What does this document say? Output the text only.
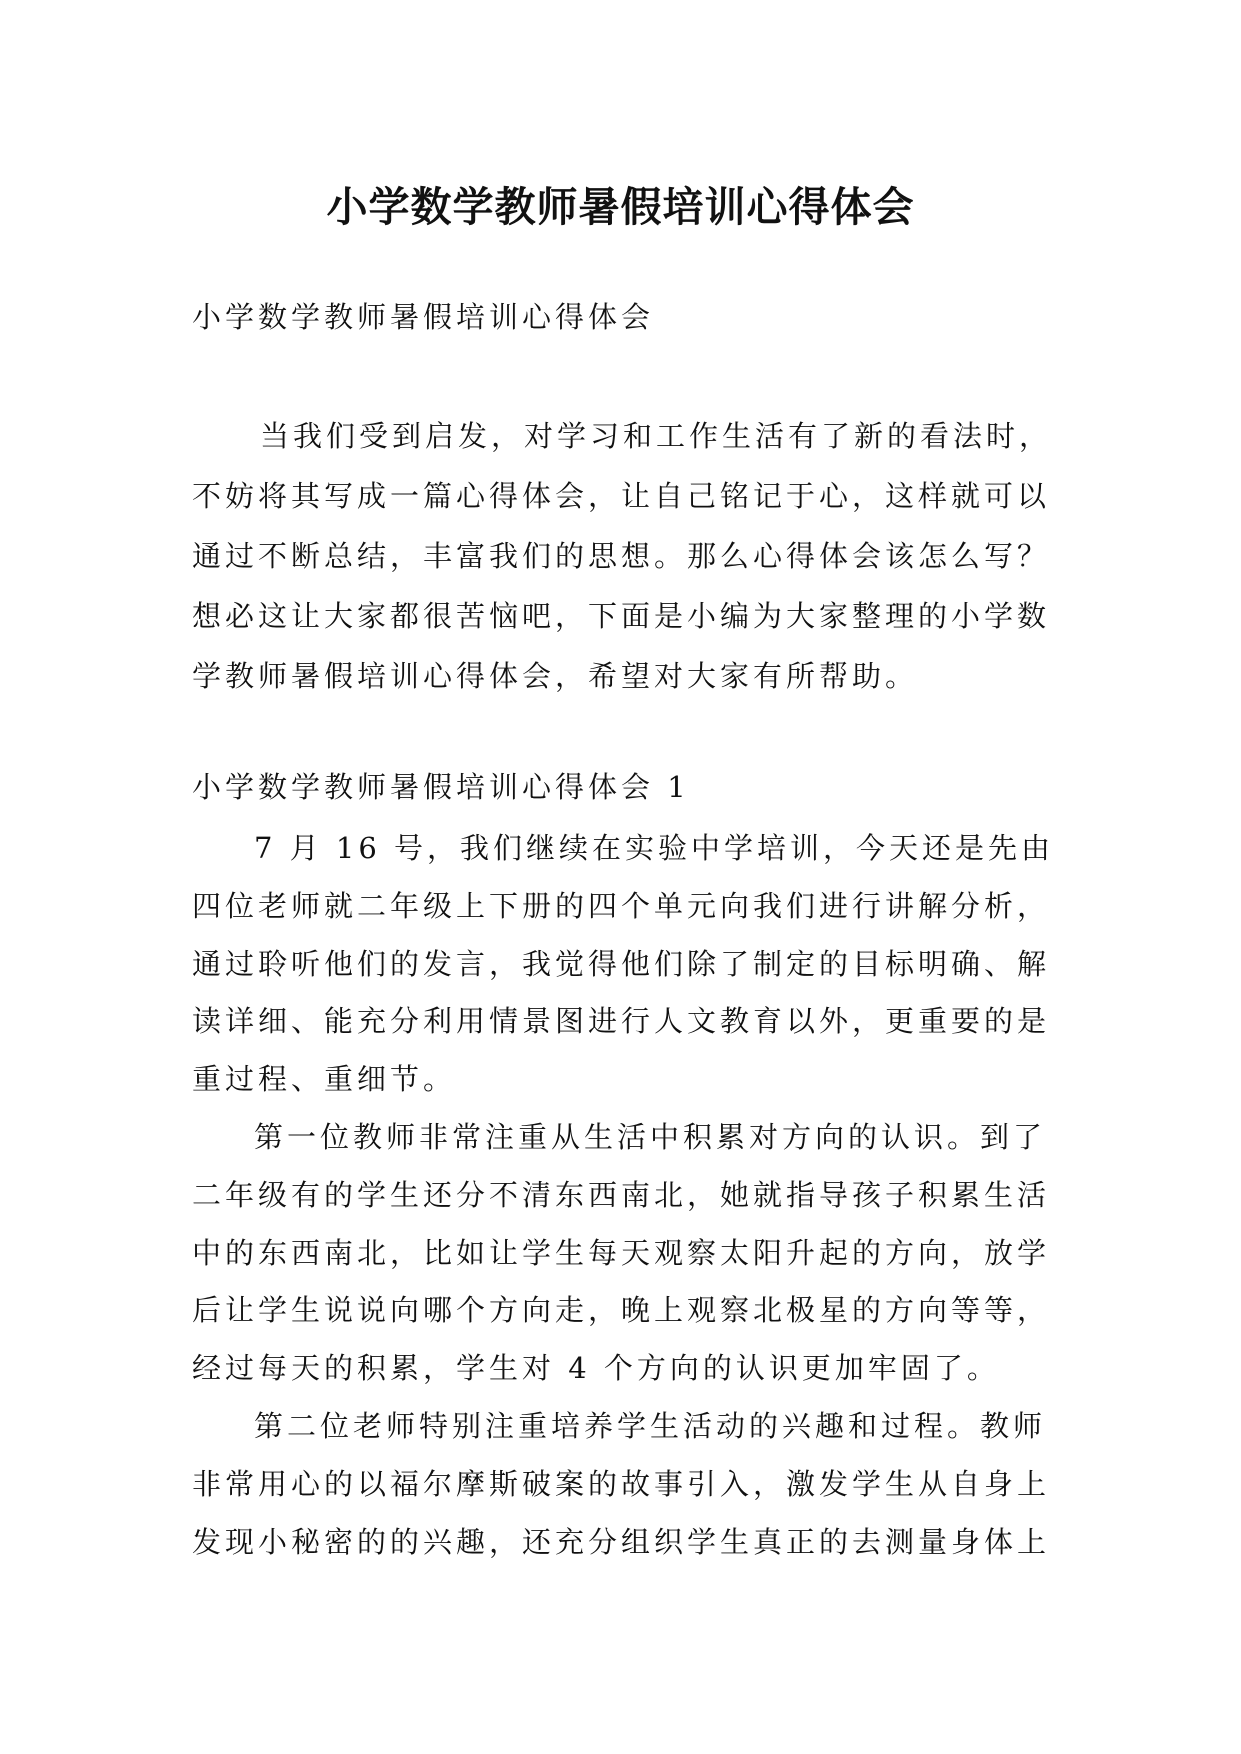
小学数学教师暑假培训心得体会

小学数学教师暑假培训心得体会

当我们受到启发，对学习和工作生活有了新的看法时，不妨将其写成一篇心得体会，让自己铭记于心，这样就可以通过不断总结，丰富我们的思想。那么心得体会该怎么写？想必这让大家都很苦恼吧，下面是小编为大家整理的小学数学教师暑假培训心得体会，希望对大家有所帮助。

小学数学教师暑假培训心得体会 1

7 月 16 号，我们继续在实验中学培训，今天还是先由四位老师就二年级上下册的四个单元向我们进行讲解分析，通过聆听他们的发言，我觉得他们除了制定的目标明确、解读详细、能充分利用情景图进行人文教育以外，更重要的是重过程、重细节。

第一位教师非常注重从生活中积累对方向的认识。到了二年级有的学生还分不清东西南北，她就指导孩子积累生活中的东西南北，比如让学生每天观察太阳升起的方向，放学后让学生说说向哪个方向走，晚上观察北极星的方向等等，经过每天的积累，学生对 4 个方向的认识更加牢固了。

第二位老师特别注重培养学生活动的兴趣和过程。教师非常用心的以福尔摩斯破案的故事引入，激发学生从自身上发现小秘密的的兴趣，还充分组织学生真正的去测量身体上
